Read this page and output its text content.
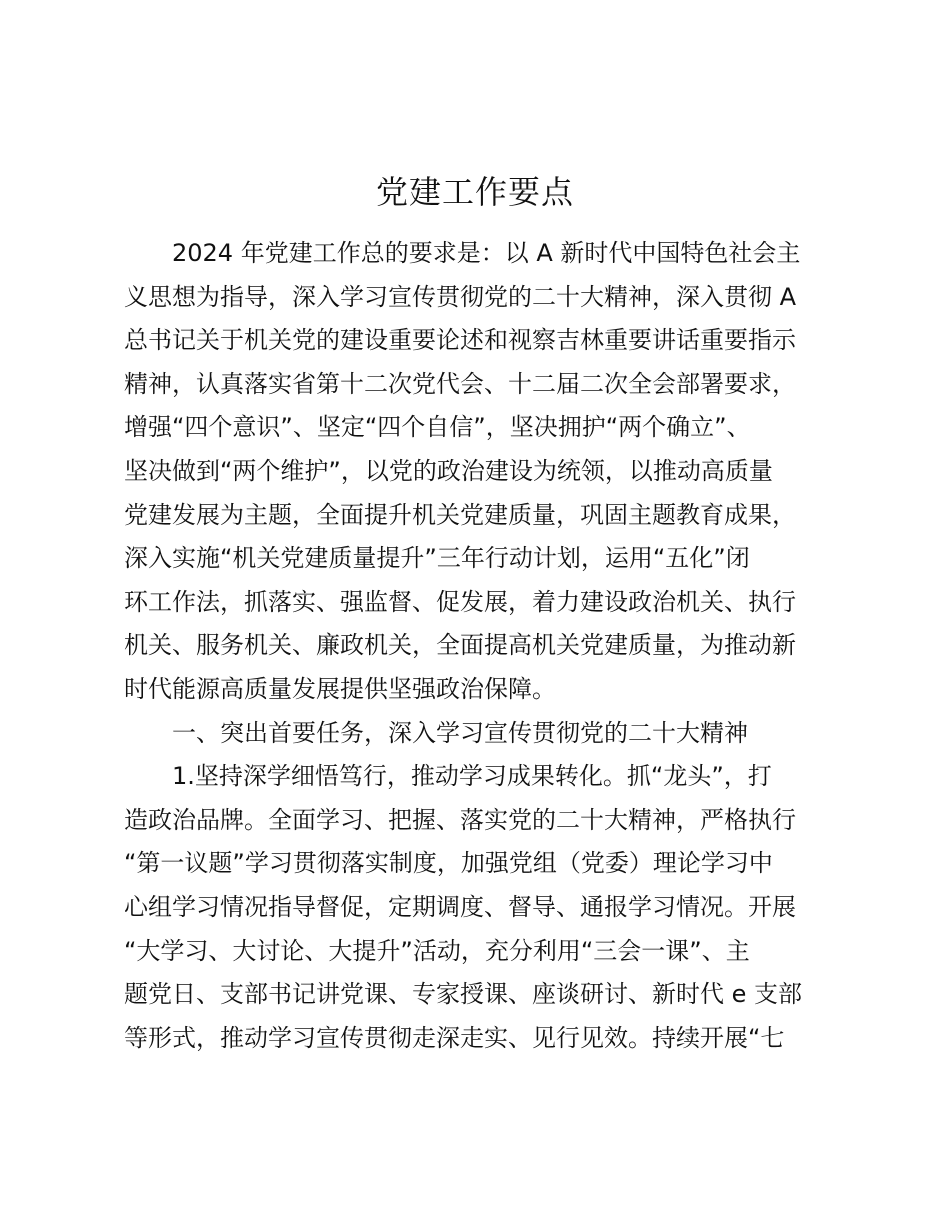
党建工作要点
2024 年党建工作总的要求是：以 A 新时代中国特色社会主
义思想为指导，深入学习宣传贯彻党的二十大精神，深入贯彻 A
总书记关于机关党的建设重要论述和视察吉林重要讲话重要指示
精神，认真落实省第十二次党代会、十二届二次全会部署要求，
增强“四个意识”、坚定“四个自信”，坚决拥护“两个确立”、
坚决做到“两个维护”，以党的政治建设为统领，以推动高质量
党建发展为主题，全面提升机关党建质量，巩固主题教育成果，
深入实施“机关党建质量提升”三年行动计划，运用“五化”闭
环工作法，抓落实、强监督、促发展，着力建设政治机关、执行
机关、服务机关、廉政机关，全面提高机关党建质量，为推动新
时代能源高质量发展提供坚强政治保障。
一、突出首要任务，深入学习宣传贯彻党的二十大精神
1.坚持深学细悟笃行，推动学习成果转化。抓“龙头”，打
造政治品牌。全面学习、把握、落实党的二十大精神，严格执行
“第一议题”学习贯彻落实制度，加强党组（党委）理论学习中
心组学习情况指导督促，定期调度、督导、通报学习情况。开展
“大学习、大讨论、大提升”活动，充分利用“三会一课”、主
题党日、支部书记讲党课、专家授课、座谈研讨、新时代 e 支部
等形式，推动学习宣传贯彻走深走实、见行见效。持续开展“七
